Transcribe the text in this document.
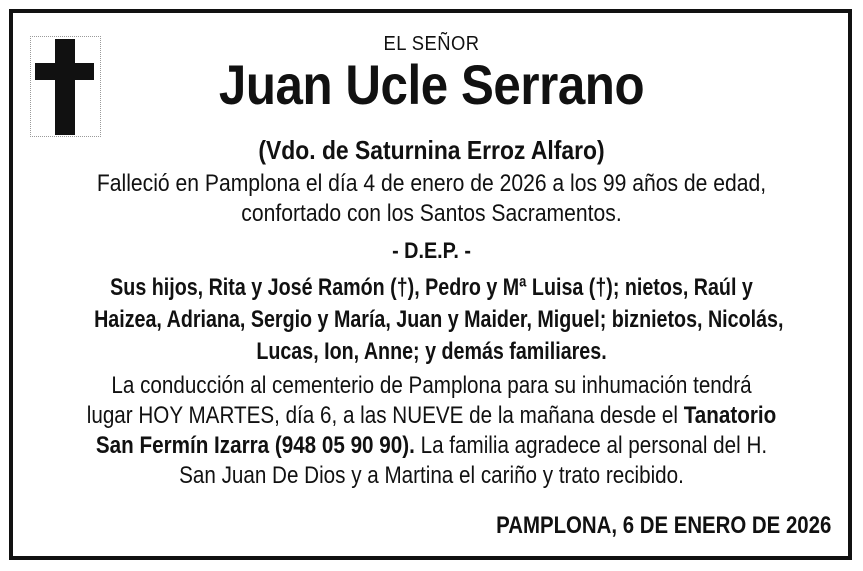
EL SEÑOR
Juan Ucle Serrano
(Vdo. de Saturnina Erroz Alfaro)
Falleció en Pamplona el día 4 de enero de 2026 a los 99 años de edad,
confortado con los Santos Sacramentos.
- D.E.P. -
Sus hijos, Rita y José Ramón (†), Pedro y Mª Luisa (†); nietos, Raúl y
Haizea, Adriana, Sergio y María, Juan y Maider, Miguel; biznietos, Nicolás,
Lucas, Ion, Anne; y demás familiares.
La conducción al cementerio de Pamplona para su inhumación tendrá
lugar HOY MARTES, día 6, a las NUEVE de la mañana desde el Tanatorio
San Fermín Izarra (948 05 90 90). La familia agradece al personal del H.
San Juan De Dios y a Martina el cariño y trato recibido.
PAMPLONA, 6 DE ENERO DE 2026
